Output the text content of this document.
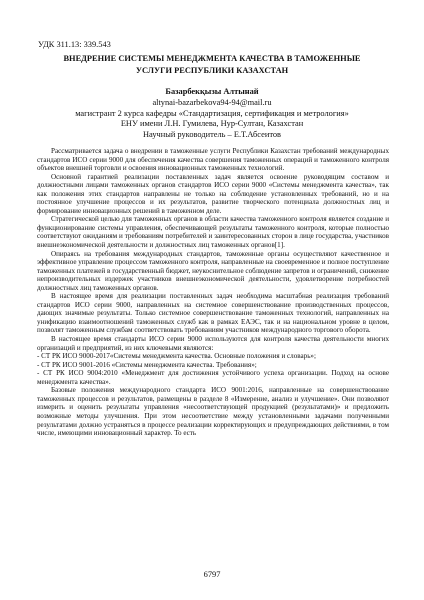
УДК 311.13: 339.543
ВНЕДРЕНИЕ СИСТЕМЫ МЕНЕДЖМЕНТА КАЧЕСТВА В ТАМОЖЕННЫЕ
УСЛУГИ РЕСПУБЛИКИ КАЗАХСТАН
Базарбекқызы Алтынай
altynai-bazarbekova94-94@mail.ru
магистрант 2 курса кафедры «Стандартизация, сертификация и метрология»
ЕНУ имени Л.Н. Гумилева, Нур-Султан, Казахстан
Научный руководитель – Е.Т.Абсеитов

Рассматривается задача о внедрении в таможенные услуги Республики Казахстан требований международных стандартов ИСО серии 9000 для обеспечения качества совершения таможенных операций и таможенного контроля объектов внешней торговли и освоения инновационных таможенных технологий.

Основной гарантией реализации поставленных задач является освоение руководящим составом и должностными лицами таможенных органов стандартов ИСО серии 9000 «Системы менеджмента качества», так как положения этих стандартов направлены не только на соблюдение установленных требований, но и на постоянное улучшение процессов и их результатов, развитие творческого потенциала должностных лиц и формирование инновационных решений в таможенном деле.

Стратегической целью для таможенных органов в области качества таможенного контроля является создание и функционирование системы управления, обеспечивающей результаты таможенного контроля, которые полностью соответствуют ожиданиям и требованиям потребителей и заинтересованных сторон в лице государства, участников внешнеэкономической деятельности и должностных лиц таможенных органов[1].

Опираясь на требования международных стандартов, таможенные органы осуществляют качественное и эффективное управление процессом таможенного контроля, направленные на своевременное и полное поступление таможенных платежей в государственный бюджет, неукоснительное соблюдение запретов и ограничений, снижение непроизводительных издержек участников внешнеэкономической деятельности, удовлетворение потребностей должностных лиц таможенных органов.

В настоящее время для реализации поставленных задач необходима масштабная реализация требований стандартов ИСО серии 9000, направленных на системное совершенствование производственных процессов, дающих значимые результаты. Только системное совершенствование таможенных технологий, направленных на унификацию взаимоотношений таможенных служб как в рамках ЕАЭС, так и на национальном уровне в целом, позволят таможенным службам соответствовать требованиям участников международного торгового оборота.

В настоящее время стандарты ИСО серии 9000 используются для контроля качества деятельности многих организаций и предприятий, из них ключевыми являются:

- СТ РК ИСО 9000-2017«Системы менеджмента качества. Основные положения и словарь»;

- СТ РК ИСО 9001-2016 «Системы менеджмента качества. Требования»;

- СТ РК ИСО 9004:2010 «Менеджмент для достижения устойчивого успеха организации. Подход на основе менеджмента качества».

Базовые положения международного стандарта ИСО 9001:2016, направленные на совершенствование таможенных процессов и результатов, размещены в разделе 8 «Измерение, анализ и улучшение». Они позволяют измерить и оценить результаты управления «несоответствующей продукцией (результатами)» и предложить возможные методы улучшения. При этом несоответствие между установленными задачами полученными результатами должно устраняться в процессе реализации корректирующих и предупреждающих действиями, в том числе, имеющими инновационный характер. То есть

6797
